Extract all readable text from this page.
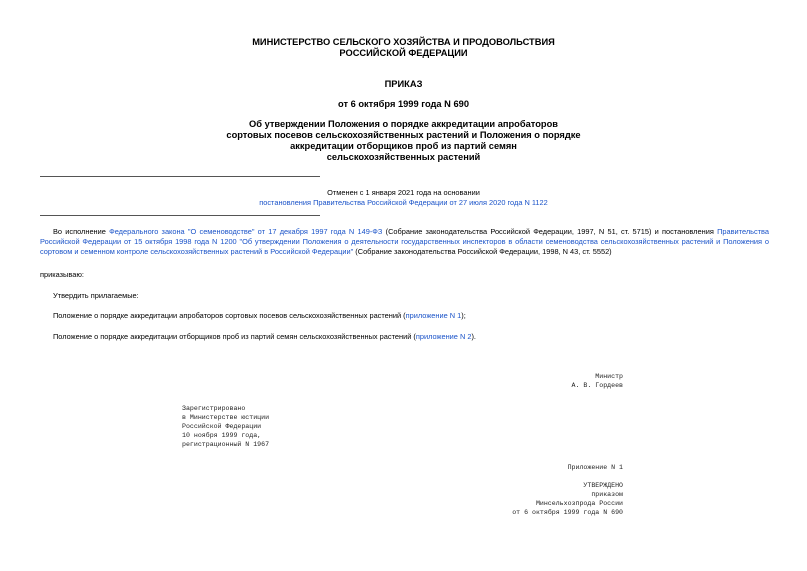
МИНИСТЕРСТВО СЕЛЬСКОГО ХОЗЯЙСТВА И ПРОДОВОЛЬСТВИЯ
РОССИЙСКОЙ ФЕДЕРАЦИИ
ПРИКАЗ
от 6 октября 1999 года N 690
Об утверждении Положения о порядке аккредитации апробаторов
сортовых посевов сельскохозяйственных растений и Положения о порядке
аккредитации отборщиков проб из партий семян
сельскохозяйственных растений
Отменен с 1 января 2021 года на основании
постановления Правительства Российской Федерации от 27 июля 2020 года N 1122
Во исполнение Федерального закона "О семеноводстве" от 17 декабря 1997 года N 149-ФЗ (Собрание законодательства Российской Федерации, 1997, N 51, ст. 5715) и постановления Правительства Российской Федерации от 15 октября 1998 года N 1200 "Об утверждении Положения о деятельности государственных инспекторов в области семеноводства сельскохозяйственных растений и Положения о сортовом и семенном контроле сельскохозяйственных растений в Российской Федерации" (Собрание законодательства Российской Федерации, 1998, N 43, ст. 5552)
приказываю:
Утвердить прилагаемые:
Положение о порядке аккредитации апробаторов сортовых посевов сельскохозяйственных растений (приложение N 1);
Положение о порядке аккредитации отборщиков проб из партий семян сельскохозяйственных растений (приложение N 2).
Министр
А. В. Гордеев
Зарегистрировано
в Министерстве юстиции
Российской Федерации
10 ноября 1999 года,
регистрационный N 1967
Приложение N 1
УТВЕРЖДЕНО
приказом
Минсельхозпрода России
от 6 октября 1999 года N 690
